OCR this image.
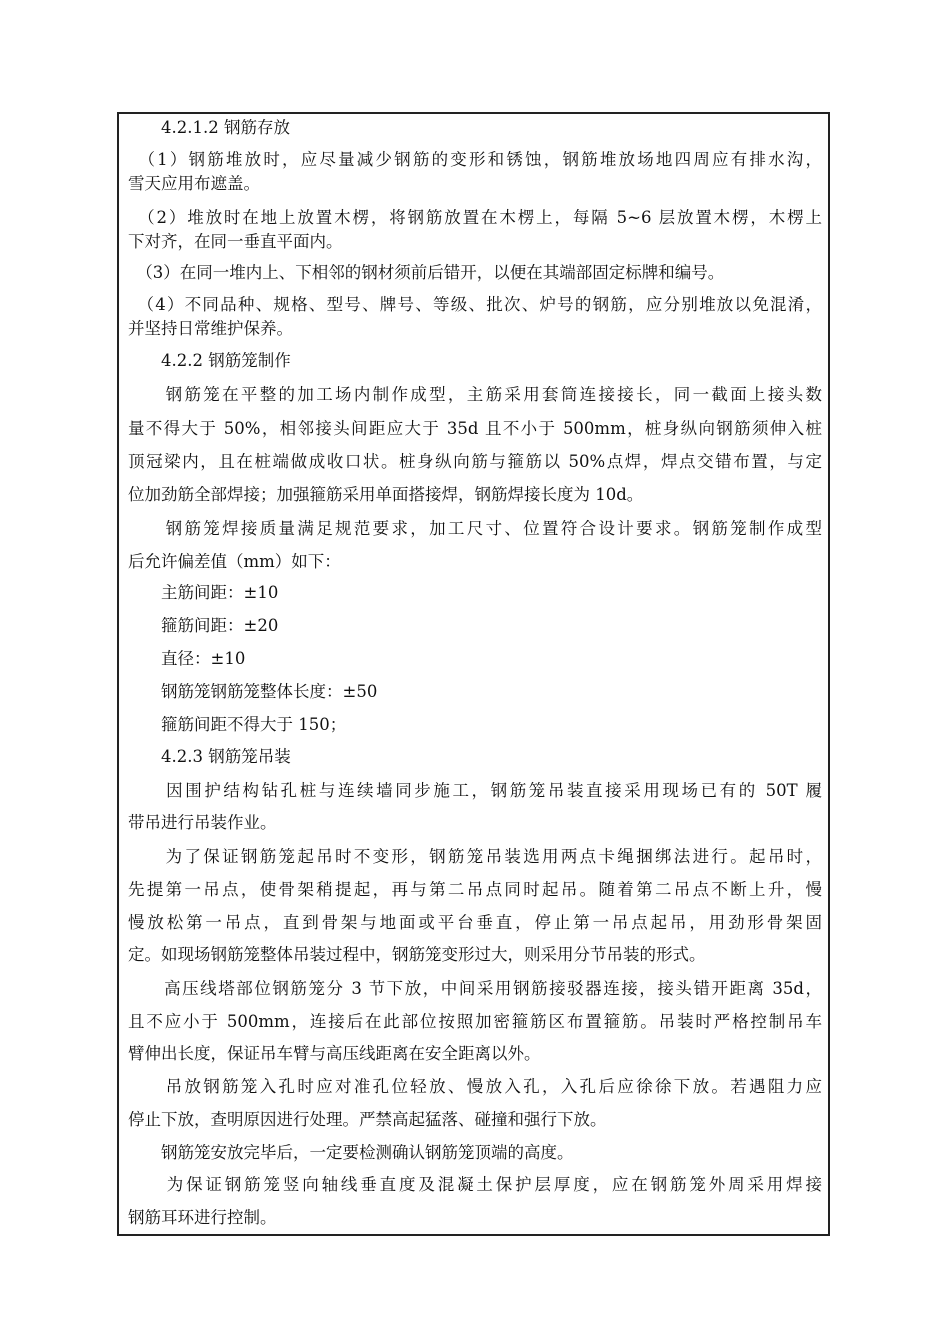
　　4.2.1.2 钢筋存放
　（1）钢筋堆放时，应尽量减少钢筋的变形和锈蚀，钢筋堆放场地四周应有排水沟，
雪天应用布遮盖。
　（2）堆放时在地上放置木楞，将钢筋放置在木楞上，每隔 5~6 层放置木楞，木楞上
下对齐，在同一垂直平面内。
　（3）在同一堆内上、下相邻的钢材须前后错开，以便在其端部固定标牌和编号。
　（4）不同品种、规格、型号、牌号、等级、批次、炉号的钢筋，应分别堆放以免混淆，
并坚持日常维护保养。
　　4.2.2 钢筋笼制作
　　钢筋笼在平整的加工场内制作成型，主筋采用套筒连接接长，同一截面上接头数
量不得大于 50%，相邻接头间距应大于 35d 且不小于 500mm，桩身纵向钢筋须伸入桩
顶冠梁内，且在桩端做成收口状。桩身纵向筋与箍筋以 50%点焊，焊点交错布置，与定
位加劲筋全部焊接；加强箍筋采用单面搭接焊，钢筋焊接长度为 10d。
　　钢筋笼焊接质量满足规范要求，加工尺寸、位置符合设计要求。钢筋笼制作成型
后允许偏差值（mm）如下：
　　主筋间距：±10
　　箍筋间距：±20
　　直径：±10
　　钢筋笼钢筋笼整体长度：±50
　　箍筋间距不得大于 150；
　　4.2.3 钢筋笼吊装
　　因围护结构钻孔桩与连续墙同步施工，钢筋笼吊装直接采用现场已有的 50T 履
带吊进行吊装作业。
　　为了保证钢筋笼起吊时不变形，钢筋笼吊装选用两点卡绳捆绑法进行。起吊时，
先提第一吊点，使骨架稍提起，再与第二吊点同时起吊。随着第二吊点不断上升，慢
慢放松第一吊点，直到骨架与地面或平台垂直，停止第一吊点起吊，用劲形骨架固
定。如现场钢筋笼整体吊装过程中，钢筋笼变形过大，则采用分节吊装的形式。
　　高压线塔部位钢筋笼分 3 节下放，中间采用钢筋接驳器连接，接头错开距离 35d，
且不应小于 500mm，连接后在此部位按照加密箍筋区布置箍筋。吊装时严格控制吊车
臂伸出长度，保证吊车臂与高压线距离在安全距离以外。
　　吊放钢筋笼入孔时应对准孔位轻放、慢放入孔，入孔后应徐徐下放。若遇阻力应
停止下放，查明原因进行处理。严禁高起猛落、碰撞和强行下放。
　　钢筋笼安放完毕后，一定要检测确认钢筋笼顶端的高度。
　　为保证钢筋笼竖向轴线垂直度及混凝土保护层厚度，应在钢筋笼外周采用焊接
钢筋耳环进行控制。
